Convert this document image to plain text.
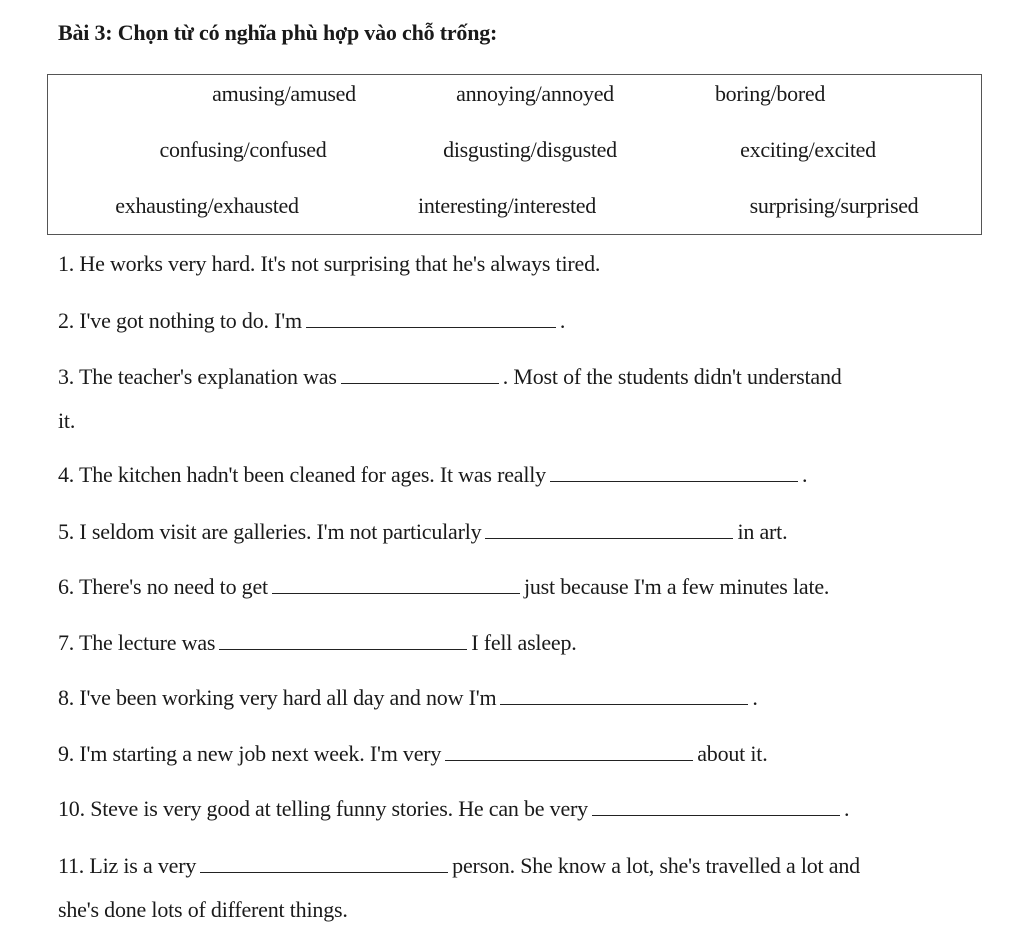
Bài 3: Chọn từ có nghĩa phù hợp vào chỗ trống:
amusing/amused	annoying/annoyed	boring/bored
confusing/confused	disgusting/disgusted	exciting/excited
exhausting/exhausted	interesting/interested	surprising/surprised
1. He works very hard. It's not surprising that he's always tired.
2. I've got nothing to do. I'm	.
3. The teacher's explanation was	. Most of the students didn't understand
it.
4. The kitchen hadn't been cleaned for ages. It was really	.
5. I seldom visit are galleries. I'm not particularly	in art.
6. There's no need to get	just because I'm a few minutes late.
7. The lecture was	I fell asleep.
8. I've been working very hard all day and now I'm	.
9. I'm starting a new job next week. I'm very	about it.
10. Steve is very good at telling funny stories. He can be very	.
11. Liz is a very	person. She know a lot, she's travelled a lot and
she's done lots of different things.
